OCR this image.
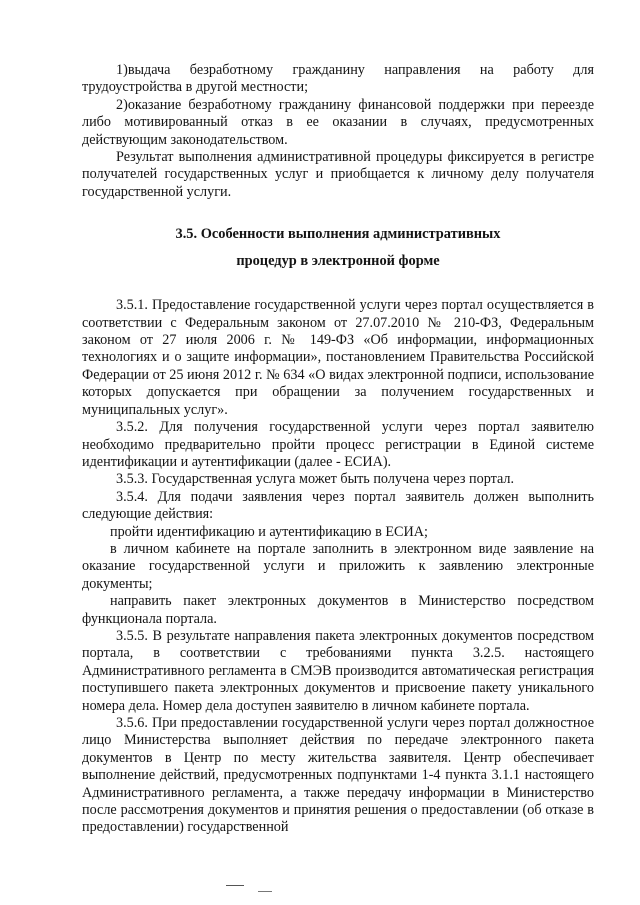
1)выдача безработному гражданину направления на работу для трудоустройства в другой местности;

2)оказание безработному гражданину финансовой поддержки при переезде либо мотивированный отказ в ее оказании в случаях, предусмотренных действующим законодательством.

Результат выполнения административной процедуры фиксируется в регистре получателей государственных услуг и приобщается к личному делу получателя государственной услуги.

3.5. Особенности выполнения административных

процедур в электронной форме

3.5.1. Предоставление государственной услуги через портал осуществляется в соответствии с Федеральным законом от 27.07.2010 № 210-ФЗ, Федеральным законом от 27 июля 2006 г. № 149-ФЗ «Об информации, информационных технологиях и о защите информации», постановлением Правительства Российской Федерации от 25 июня 2012 г. № 634 «О видах электронной подписи, использование которых допускается при обращении за получением государственных и муниципальных услуг».

3.5.2. Для получения государственной услуги через портал заявителю необходимо предварительно пройти процесс регистрации в Единой системе идентификации и аутентификации (далее - ЕСИА).

3.5.3. Государственная услуга может быть получена через портал.

3.5.4. Для подачи заявления через портал заявитель должен выполнить следующие действия:

пройти идентификацию и аутентификацию в ЕСИА;

в личном кабинете на портале заполнить в электронном виде заявление на оказание государственной услуги и приложить к заявлению электронные документы;

направить пакет электронных документов в Министерство посредством функционала портала.

3.5.5. В результате направления пакета электронных документов посредством портала, в соответствии с требованиями пункта 3.2.5. настоящего Административного регламента в СМЭВ производится автоматическая регистрация поступившего пакета электронных документов и присвоение пакету уникального номера дела. Номер дела доступен заявителю в личном кабинете портала.

3.5.6. При предоставлении государственной услуги через портал должностное лицо Министерства выполняет действия по передаче электронного пакета документов в Центр по месту жительства заявителя. Центр обеспечивает выполнение действий, предусмотренных подпунктами 1-4 пункта 3.1.1 настоящего Административного регламента, а также передачу информации в Министерство после рассмотрения документов и принятия решения о предоставлении (об отказе в предоставлении) государственной
